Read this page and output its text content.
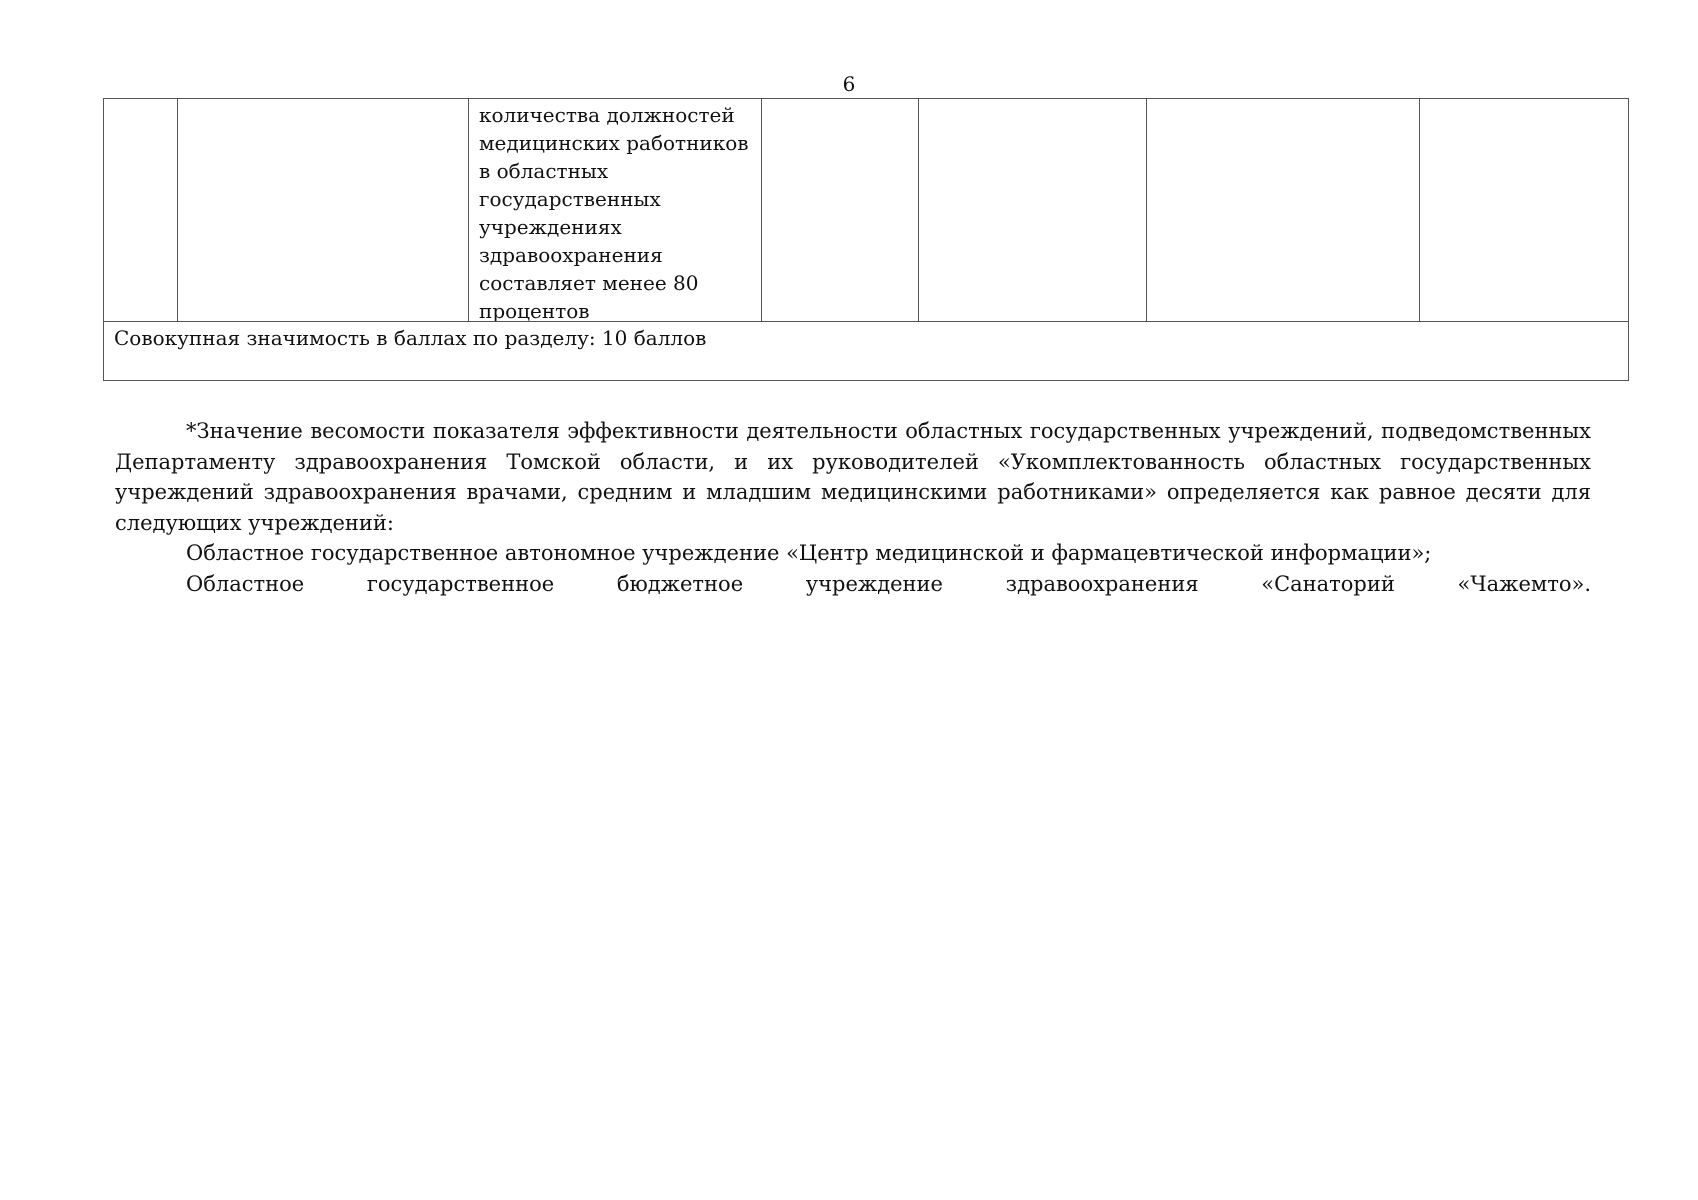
6

количества должностей
медицинских работников
в областных
государственных
учреждениях
здравоохранения
составляет менее 80
процентов

Совокупная значимость в баллах по разделу: 10 баллов

*Значение весомости показателя эффективности деятельности областных государственных учреждений, подведомственных Департаменту здравоохранения Томской области, и их руководителей «Укомплектованность областных государственных учреждений здравоохранения врачами, средним и младшим медицинскими работниками» определяется как равное десяти для следующих учреждений:

Областное государственное автономное учреждение «Центр медицинской и фармацевтической информации»;

Областное государственное бюджетное учреждение здравоохранения «Санаторий «Чажемто».
